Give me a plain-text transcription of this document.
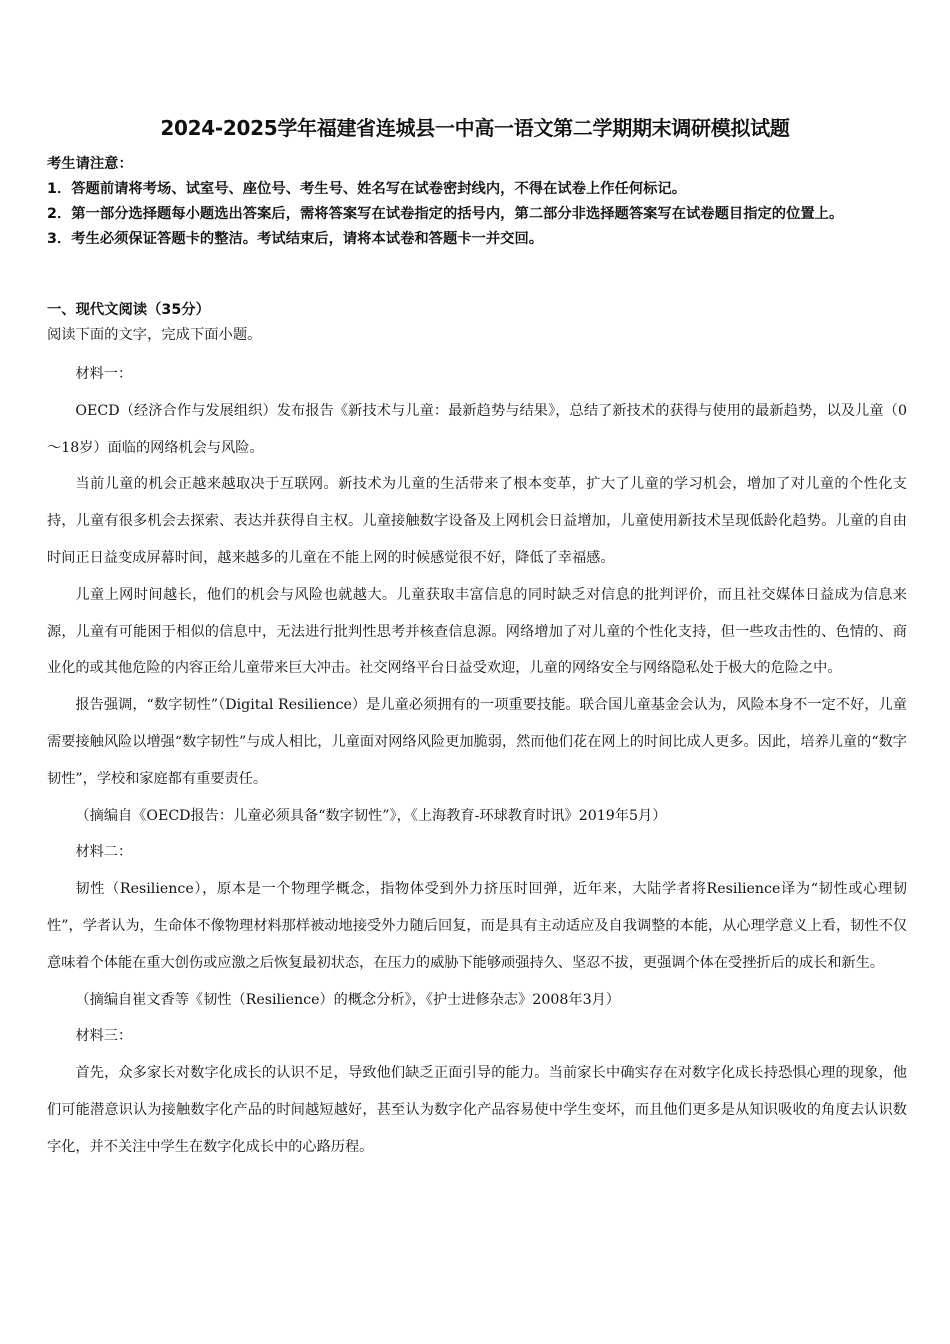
2024-2025学年福建省连城县一中高一语文第二学期期末调研模拟试题

考生请注意：

1．答题前请将考场、试室号、座位号、考生号、姓名写在试卷密封线内，不得在试卷上作任何标记。

2．第一部分选择题每小题选出答案后，需将答案写在试卷指定的括号内，第二部分非选择题答案写在试卷题目指定的位置上。

3．考生必须保证答题卡的整洁。考试结束后，请将本试卷和答题卡一并交回。

一、现代文阅读（35分）
阅读下面的文字，完成下面小题。

材料一：

OECD（经济合作与发展组织）发布报告《新技术与儿童：最新趋势与结果》，总结了新技术的获得与使用的最新趋势，以及儿童（0～18岁）面临的网络机会与风险。

当前儿童的机会正越来越取决于互联网。新技术为儿童的生活带来了根本变革，扩大了儿童的学习机会，增加了对儿童的个性化支持，儿童有很多机会去探索、表达并获得自主权。儿童接触数字设备及上网机会日益增加，儿童使用新技术呈现低龄化趋势。儿童的自由时间正日益变成屏幕时间，越来越多的儿童在不能上网的时候感觉很不好，降低了幸福感。

儿童上网时间越长，他们的机会与风险也就越大。儿童获取丰富信息的同时缺乏对信息的批判评价，而且社交媒体日益成为信息来源，儿童有可能困于相似的信息中，无法进行批判性思考并核查信息源。网络增加了对儿童的个性化支持，但一些攻击性的、色情的、商业化的或其他危险的内容正给儿童带来巨大冲击。社交网络平台日益受欢迎，儿童的网络安全与网络隐私处于极大的危险之中。

报告强调，“数字韧性”（Digital Resilience）是儿童必须拥有的一项重要技能。联合国儿童基金会认为，风险本身不一定不好，儿童需要接触风险以增强“数字韧性”与成人相比，儿童面对网络风险更加脆弱，然而他们花在网上的时间比成人更多。因此，培养儿童的“数字韧性”，学校和家庭都有重要责任。

（摘编自《OECD报告：儿童必须具备“数字韧性”》，《上海教育-环球教育时讯》2019年5月）

材料二：

韧性（Resilience），原本是一个物理学概念，指物体受到外力挤压时回弹，近年来，大陆学者将Resilience译为“韧性或心理韧性”，学者认为，生命体不像物理材料那样被动地接受外力随后回复，而是具有主动适应及自我调整的本能，从心理学意义上看，韧性不仅意味着个体能在重大创伤或应激之后恢复最初状态，在压力的威胁下能够顽强持久、坚忍不拔，更强调个体在受挫折后的成长和新生。

（摘编自崔文香等《韧性（Resilience）的概念分析》，《护士进修杂志》2008年3月）

材料三：

首先，众多家长对数字化成长的认识不足，导致他们缺乏正面引导的能力。当前家长中确实存在对数字化成长持恐惧心理的现象，他们可能潜意识认为接触数字化产品的时间越短越好，甚至认为数字化产品容易使中学生变坏，而且他们更多是从知识吸收的角度去认识数字化，并不关注中学生在数字化成长中的心路历程。
